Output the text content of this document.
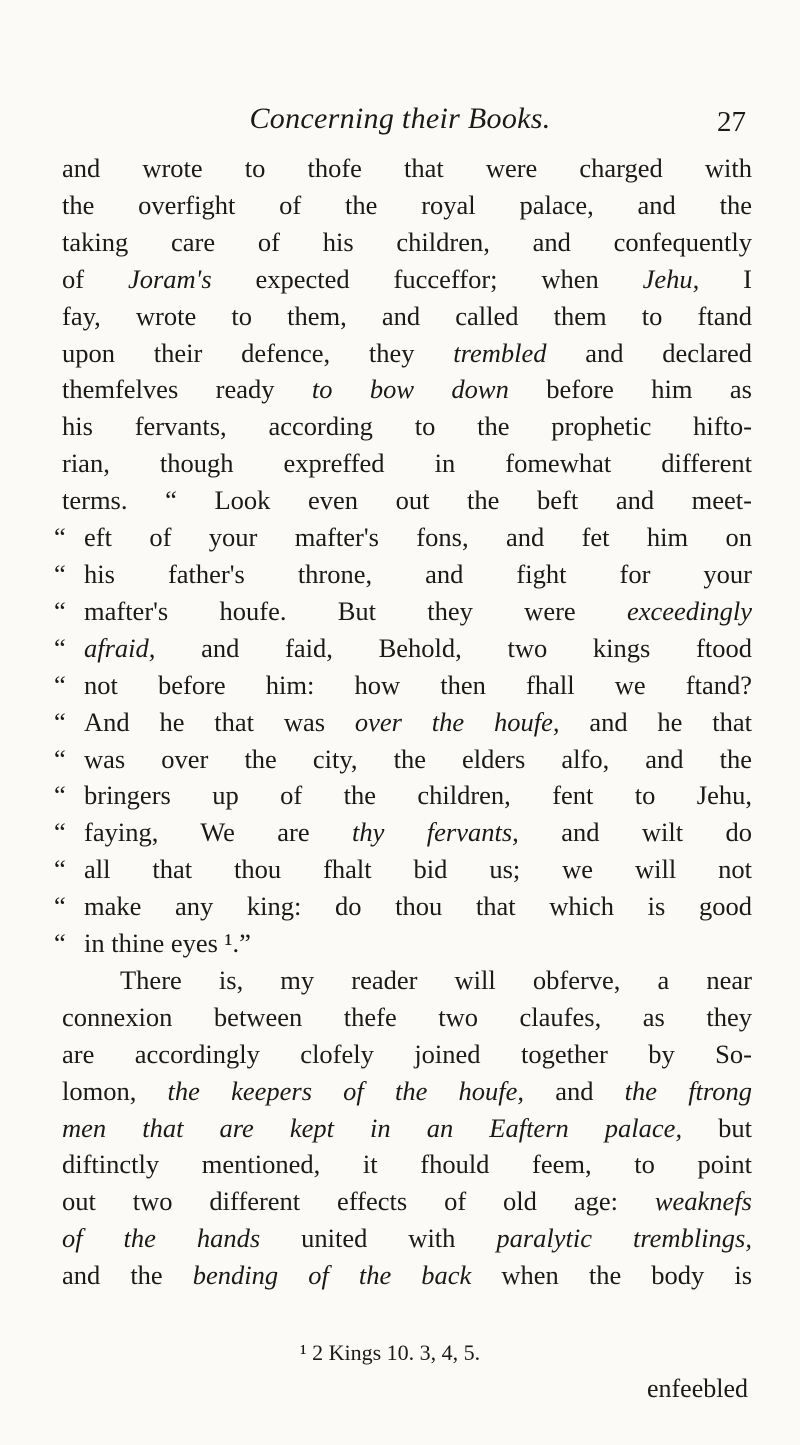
Concerning their Books.	27
and wrote to thofe that were charged with
the overfight of the royal palace, and the
taking care of his children, and confequently
of Joram's expected fucceffor; when Jehu, I
fay, wrote to them, and called them to ftand
upon their defence, they trembled and declared
themfelves ready to bow down before him as
his fervants, according to the prophetic hifto-
rian, though expreffed in fomewhat different
terms. “ Look even out the beft and meet-
“ eft of your mafter's fons, and fet him on
“ his father's throne, and fight for your
“ mafter's houfe. But they were exceedingly
“ afraid, and faid, Behold, two kings ftood
“ not before him: how then fhall we ftand?
“ And he that was over the houfe, and he that
“ was over the city, the elders alfo, and the
“ bringers up of the children, fent to Jehu,
“ faying, We are thy fervants, and wilt do
“ all that thou fhalt bid us; we will not
“ make any king: do thou that which is good
“ in thine eyes ¹.”
There is, my reader will obferve, a near
connexion between thefe two claufes, as they
are accordingly clofely joined together by So-
lomon, the keepers of the houfe, and the ftrong
men that are kept in an Eaftern palace, but
diftinctly mentioned, it fhould feem, to point
out two different effects of old age: weaknefs
of the hands united with paralytic tremblings,
and the bending of the back when the body is
¹ 2 Kings 10. 3, 4, 5.
enfeebled
